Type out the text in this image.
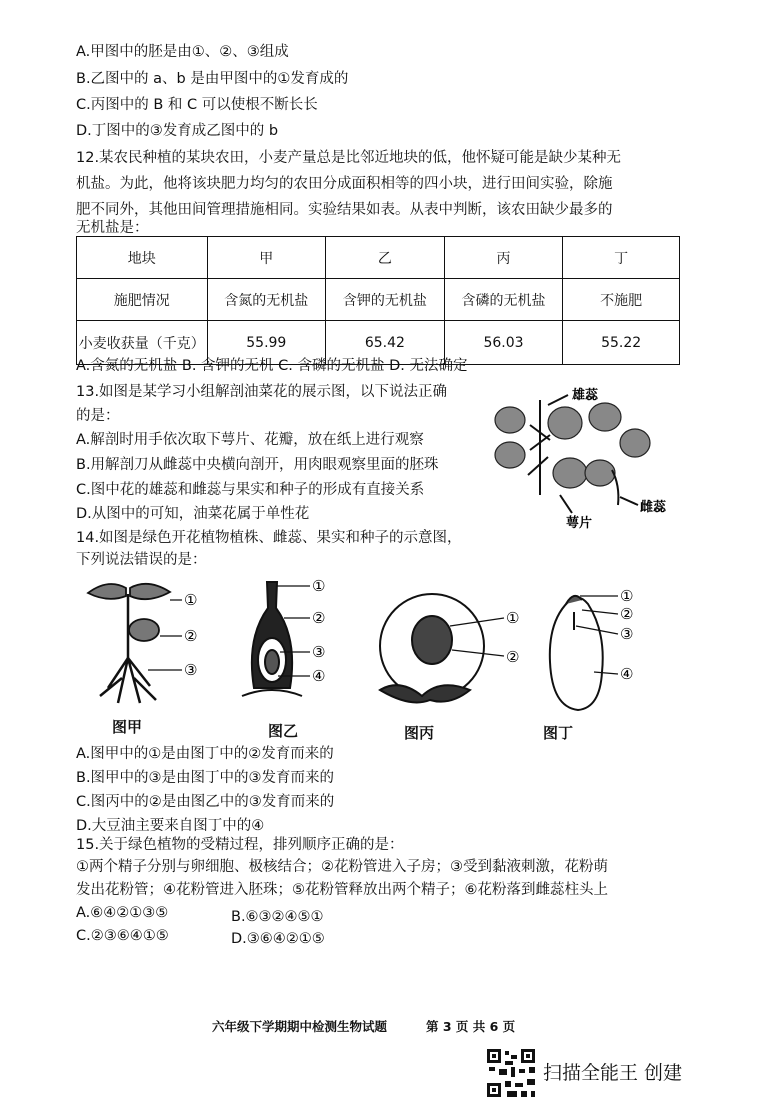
A.甲图中的胚是由①、②、③组成
B.乙图中的 a、b 是由甲图中的①发育成的
C.丙图中的 B 和 C 可以使根不断长长
D.丁图中的③发育成乙图中的 b
12.某农民种植的某块农田，小麦产量总是比邻近地块的低，他怀疑可能是缺少某种无
机盐。为此，他将该块肥力均匀的农田分成面积相等的四小块，进行田间实验，除施
肥不同外，其他田间管理措施相同。实验结果如表。从表中判断，该农田缺少最多的
无机盐是：
地块	甲	乙	丙	丁
施肥情况	含氮的无机盐	含钾的无机盐	含磷的无机盐	不施肥
小麦收获量（千克）	55.99	65.42	56.03	55.22
A.含氮的无机盐 B. 含钾的无机 C. 含磷的无机盐 D. 无法确定
13.如图是某学习小组解剖油菜花的展示图，以下说法正确
的是：
A.解剖时用手依次取下萼片、花瓣，放在纸上进行观察
B.用解剖刀从雌蕊中央横向剖开，用肉眼观察里面的胚珠
C.图中花的雄蕊和雌蕊与果实和种子的形成有直接关系
D.从图中的可知，油菜花属于单性花
雄蕊
雌蕊
萼片
14.如图是绿色开花植物植株、雌蕊、果实和种子的示意图，
下列说法错误的是：
①
②
③
①
②
③
④
①
②
①
②
③
④
图甲	图乙	图丙	图丁
A.图甲中的①是由图丁中的②发育而来的
B.图甲中的③是由图丁中的③发育而来的
C.图丙中的②是由图乙中的③发育而来的
D.大豆油主要来自图丁中的④
15.关于绿色植物的受精过程，排列顺序正确的是：
①两个精子分别与卵细胞、极核结合；②花粉管进入子房；③受到黏液刺激，花粉萌
发出花粉管；④花粉管进入胚珠；⑤花粉管释放出两个精子；⑥花粉落到雌蕊柱头上
A.⑥④②①③⑤	B.⑥③②④⑤①
C.②③⑥④①⑤	D.③⑥④②①⑤
六年级下学期期中检测生物试题	第 3 页 共 6 页
扫描全能王 创建
